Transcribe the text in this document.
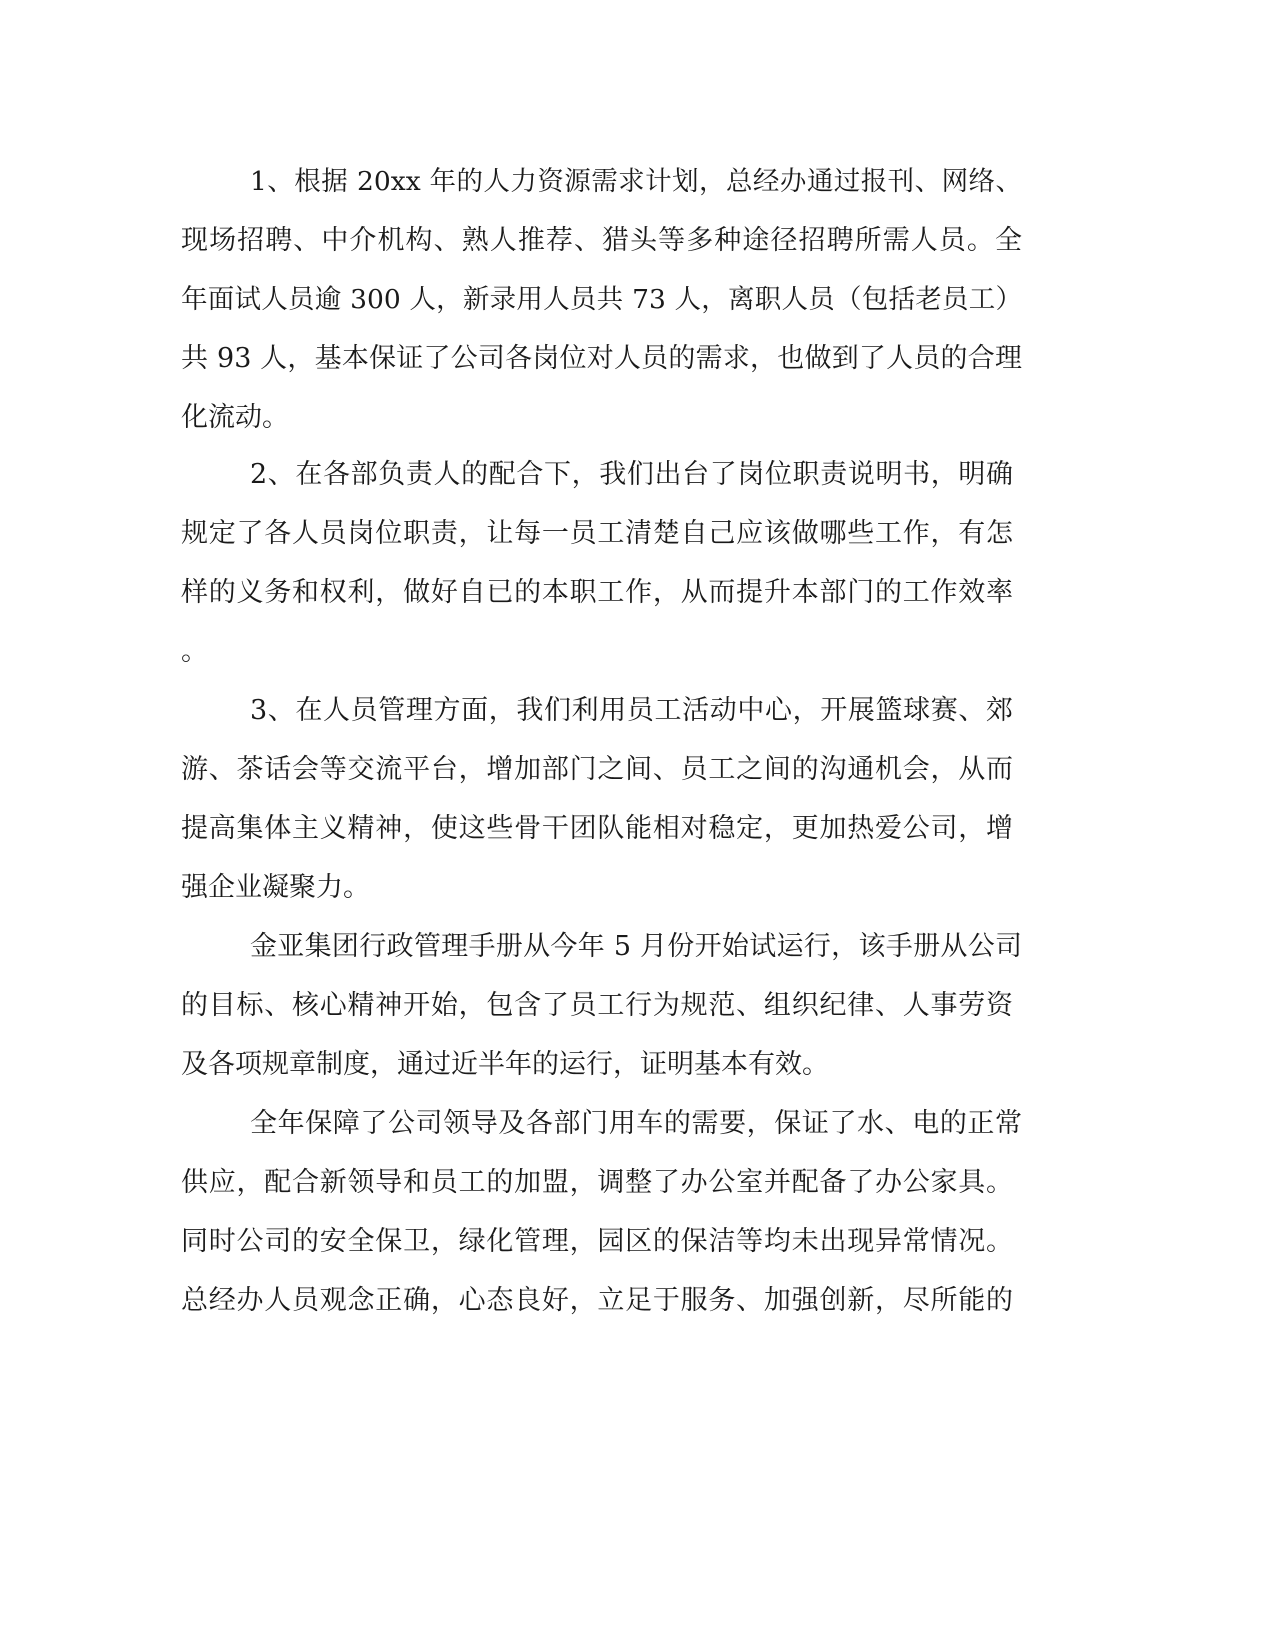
1、根据 20xx 年的人力资源需求计划，总经办通过报刊、网络、
现场招聘、中介机构、熟人推荐、猎头等多种途径招聘所需人员。全
年面试人员逾 300 人，新录用人员共 73 人，离职人员（包括老员工）
共 93 人，基本保证了公司各岗位对人员的需求，也做到了人员的合理
化流动。
2、在各部负责人的配合下，我们出台了岗位职责说明书，明确
规定了各人员岗位职责，让每一员工清楚自己应该做哪些工作，有怎
样的义务和权利，做好自已的本职工作，从而提升本部门的工作效率
。
3、在人员管理方面，我们利用员工活动中心，开展篮球赛、郊
游、茶话会等交流平台，增加部门之间、员工之间的沟通机会，从而
提高集体主义精神，使这些骨干团队能相对稳定，更加热爱公司，增
强企业凝聚力。
金亚集团行政管理手册从今年 5 月份开始试运行，该手册从公司
的目标、核心精神开始，包含了员工行为规范、组织纪律、人事劳资
及各项规章制度，通过近半年的运行，证明基本有效。
全年保障了公司领导及各部门用车的需要，保证了水、电的正常
供应，配合新领导和员工的加盟，调整了办公室并配备了办公家具。
同时公司的安全保卫，绿化管理，园区的保洁等均未出现异常情况。
总经办人员观念正确，心态良好，立足于服务、加强创新，尽所能的
